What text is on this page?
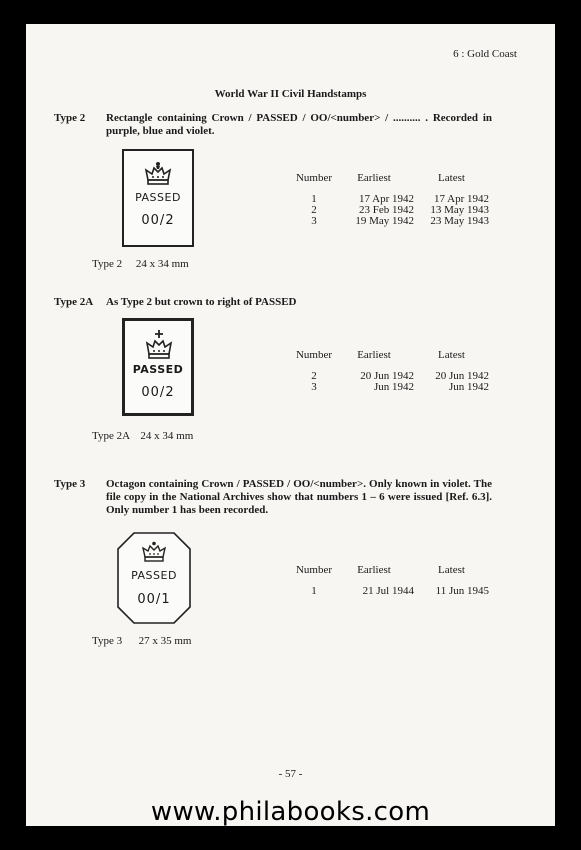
6 : Gold Coast
World War II Civil Handstamps
Type 2 Rectangle containing Crown / PASSED / OO/<number> / .......... . Recorded in purple, blue and violet.
PASSED
00/2
Number	Earliest	Latest
1	17 Apr 1942	17 Apr 1942
2	23 Feb 1942	13 May 1943
3	19 May 1942	23 May 1943
Type 2 24 x 34 mm
Type 2A As Type 2 but crown to right of PASSED
PASSED
00/2
Number	Earliest	Latest
2	20 Jun 1942	20 Jun 1942
3	Jun 1942	Jun 1942
Type 2A 24 x 34 mm
Type 3 Octagon containing Crown / PASSED / OO/<number>. Only known in violet. The file copy in the National Archives show that numbers 1 – 6 were issued [Ref. 6.3]. Only number 1 has been recorded.
PASSED
00/1
Number	Earliest	Latest
1	21 Jul 1944	11 Jun 1945
Type 3 27 x 35 mm
- 57 -
www.philabooks.com
